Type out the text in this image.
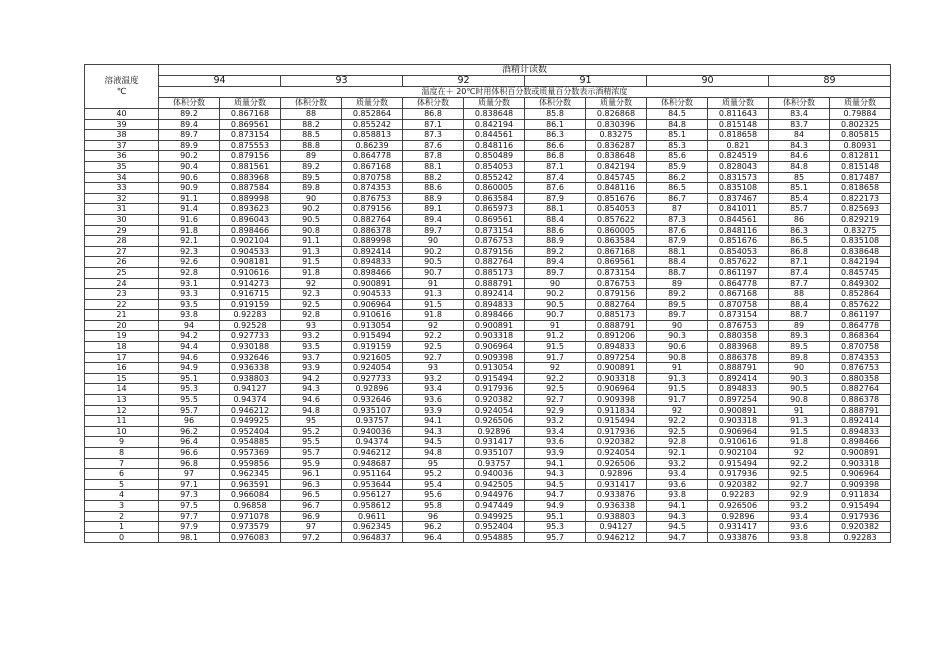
溶液温度
℃	酒精计读数											
	94		93		92		91		90		89	
	温度在＋ 20℃时用体积百分数或质量百分数表示酒精浓度											
	体积分数	质量分数	体积分数	质量分数	体积分数	质量分数	体积分数	质量分数	体积分数	质量分数	体积分数	质量分数
40	89.2	0.867168	88	0.852864	86.8	0.838648	85.8	0.826868	84.5	0.811643	83.4	0.79884
39	89.4	0.869561	88.2	0.855242	87.1	0.842194	86.1	0.830396	84.8	0.815148	83.7	0.802325
38	89.7	0.873154	88.5	0.858813	87.3	0.844561	86.3	0.83275	85.1	0.818658	84	0.805815
37	89.9	0.875553	88.8	0.86239	87.6	0.848116	86.6	0.836287	85.3	0.821	84.3	0.80931
36	90.2	0.879156	89	0.864778	87.8	0.850489	86.8	0.838648	85.6	0.824519	84.6	0.812811
35	90.4	0.881561	89.2	0.867168	88.1	0.854053	87.1	0.842194	85.9	0.828043	84.8	0.815148
34	90.6	0.883968	89.5	0.870758	88.2	0.855242	87.4	0.845745	86.2	0.831573	85	0.817487
33	90.9	0.887584	89.8	0.874353	88.6	0.860005	87.6	0.848116	86.5	0.835108	85.1	0.818658
32	91.1	0.889998	90	0.876753	88.9	0.863584	87.9	0.851676	86.7	0.837467	85.4	0.822173
31	91.4	0.893623	90.2	0.879156	89.1	0.865973	88.1	0.854053	87	0.841011	85.7	0.825693
30	91.6	0.896043	90.5	0.882764	89.4	0.869561	88.4	0.857622	87.3	0.844561	86	0.829219
29	91.8	0.898466	90.8	0.886378	89.7	0.873154	88.6	0.860005	87.6	0.848116	86.3	0.83275
28	92.1	0.902104	91.1	0.889998	90	0.876753	88.9	0.863584	87.9	0.851676	86.5	0.835108
27	92.3	0.904533	91.3	0.892414	90.2	0.879156	89.2	0.867168	88.1	0.854053	86.8	0.838648
26	92.6	0.908181	91.5	0.894833	90.5	0.882764	89.4	0.869561	88.4	0.857622	87.1	0.842194
25	92.8	0.910616	91.8	0.898466	90.7	0.885173	89.7	0.873154	88.7	0.861197	87.4	0.845745
24	93.1	0.914273	92	0.900891	91	0.888791	90	0.876753	89	0.864778	87.7	0.849302
23	93.3	0.916715	92.3	0.904533	91.3	0.892414	90.2	0.879156	89.2	0.867168	88	0.852864
22	93.5	0.919159	92.5	0.906964	91.5	0.894833	90.5	0.882764	89.5	0.870758	88.4	0.857622
21	93.8	0.92283	92.8	0.910616	91.8	0.898466	90.7	0.885173	89.7	0.873154	88.7	0.861197
20	94	0.92528	93	0.913054	92	0.900891	91	0.888791	90	0.876753	89	0.864778
19	94.2	0.927733	93.2	0.915494	92.2	0.903318	91.2	0.891206	90.3	0.880358	89.3	0.868364
18	94.4	0.930188	93.5	0.919159	92.5	0.906964	91.5	0.894833	90.6	0.883968	89.5	0.870758
17	94.6	0.932646	93.7	0.921605	92.7	0.909398	91.7	0.897254	90.8	0.886378	89.8	0.874353
16	94.9	0.936338	93.9	0.924054	93	0.913054	92	0.900891	91	0.888791	90	0.876753
15	95.1	0.938803	94.2	0.927733	93.2	0.915494	92.2	0.903318	91.3	0.892414	90.3	0.880358
14	95.3	0.94127	94.3	0.92896	93.4	0.917936	92.5	0.906964	91.5	0.894833	90.5	0.882764
13	95.5	0.94374	94.6	0.932646	93.6	0.920382	92.7	0.909398	91.7	0.897254	90.8	0.886378
12	95.7	0.946212	94.8	0.935107	93.9	0.924054	92.9	0.911834	92	0.900891	91	0.888791
11	96	0.949925	95	0.93757	94.1	0.926506	93.2	0.915494	92.2	0.903318	91.3	0.892414
10	96.2	0.952404	95.2	0.940036	94.3	0.92896	93.4	0.917936	92.5	0.906964	91.5	0.894833
9	96.4	0.954885	95.5	0.94374	94.5	0.931417	93.6	0.920382	92.8	0.910616	91.8	0.898466
8	96.6	0.957369	95.7	0.946212	94.8	0.935107	93.9	0.924054	92.1	0.902104	92	0.900891
7	96.8	0.959856	95.9	0.948687	95	0.93757	94.1	0.926506	93.2	0.915494	92.2	0.903318
6	97	0.962345	96.1	0.951164	95.2	0.940036	94.3	0.92896	93.4	0.917936	92.5	0.906964
5	97.1	0.963591	96.3	0.953644	95.4	0.942505	94.5	0.931417	93.6	0.920382	92.7	0.909398
4	97.3	0.966084	96.5	0.956127	95.6	0.944976	94.7	0.933876	93.8	0.92283	92.9	0.911834
3	97.5	0.96858	96.7	0.958612	95.8	0.947449	94.9	0.936338	94.1	0.926506	93.2	0.915494
2	97.7	0.971078	96.9	0.9611	96	0.949925	95.1	0.938803	94.3	0.92896	93.4	0.917936
1	97.9	0.973579	97	0.962345	96.2	0.952404	95.3	0.94127	94.5	0.931417	93.6	0.920382
0	98.1	0.976083	97.2	0.964837	96.4	0.954885	95.7	0.946212	94.7	0.933876	93.8	0.92283
